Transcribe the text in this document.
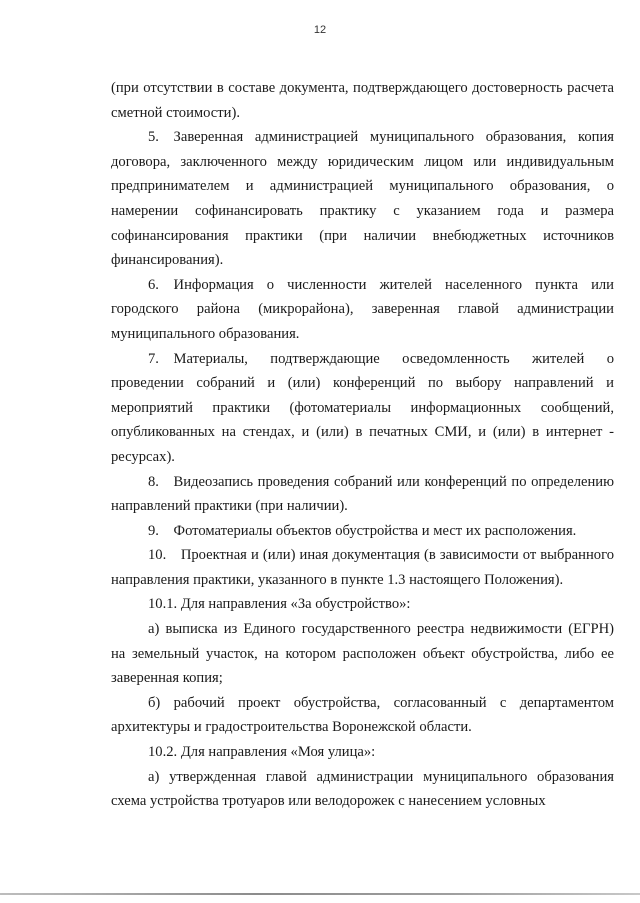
12

(при отсутствии в составе документа, подтверждающего достоверность расчета сметной стоимости).

5. Заверенная администрацией муниципального образования, копия договора, заключенного между юридическим лицом или индивидуальным предпринимателем и администрацией муниципального образования, о намерении софинансировать практику с указанием года и размера софинансирования практики (при наличии внебюджетных источников финансирования).

6. Информация о численности жителей населенного пункта или городского района (микрорайона), заверенная главой администрации муниципального образования.

7. Материалы, подтверждающие осведомленность жителей о проведении собраний и (или) конференций по выбору направлений и мероприятий практики (фотоматериалы информационных сообщений, опубликованных на стендах, и (или) в печатных СМИ, и (или) в интернет - ресурсах).

8. Видеозапись проведения собраний или конференций по определению направлений практики (при наличии).

9. Фотоматериалы объектов обустройства и мест их расположения.

10. Проектная и (или) иная документация (в зависимости от выбранного направления практики, указанного в пункте 1.3 настоящего Положения).

10.1. Для направления «За обустройство»:

а) выписка из Единого государственного реестра недвижимости (ЕГРН) на земельный участок, на котором расположен объект обустройства, либо ее заверенная копия;

б) рабочий проект обустройства, согласованный с департаментом архитектуры и градостроительства Воронежской области.

10.2. Для направления «Моя улица»:

а) утвержденная главой администрации муниципального образования схема устройства тротуаров или велодорожек с нанесением условных
